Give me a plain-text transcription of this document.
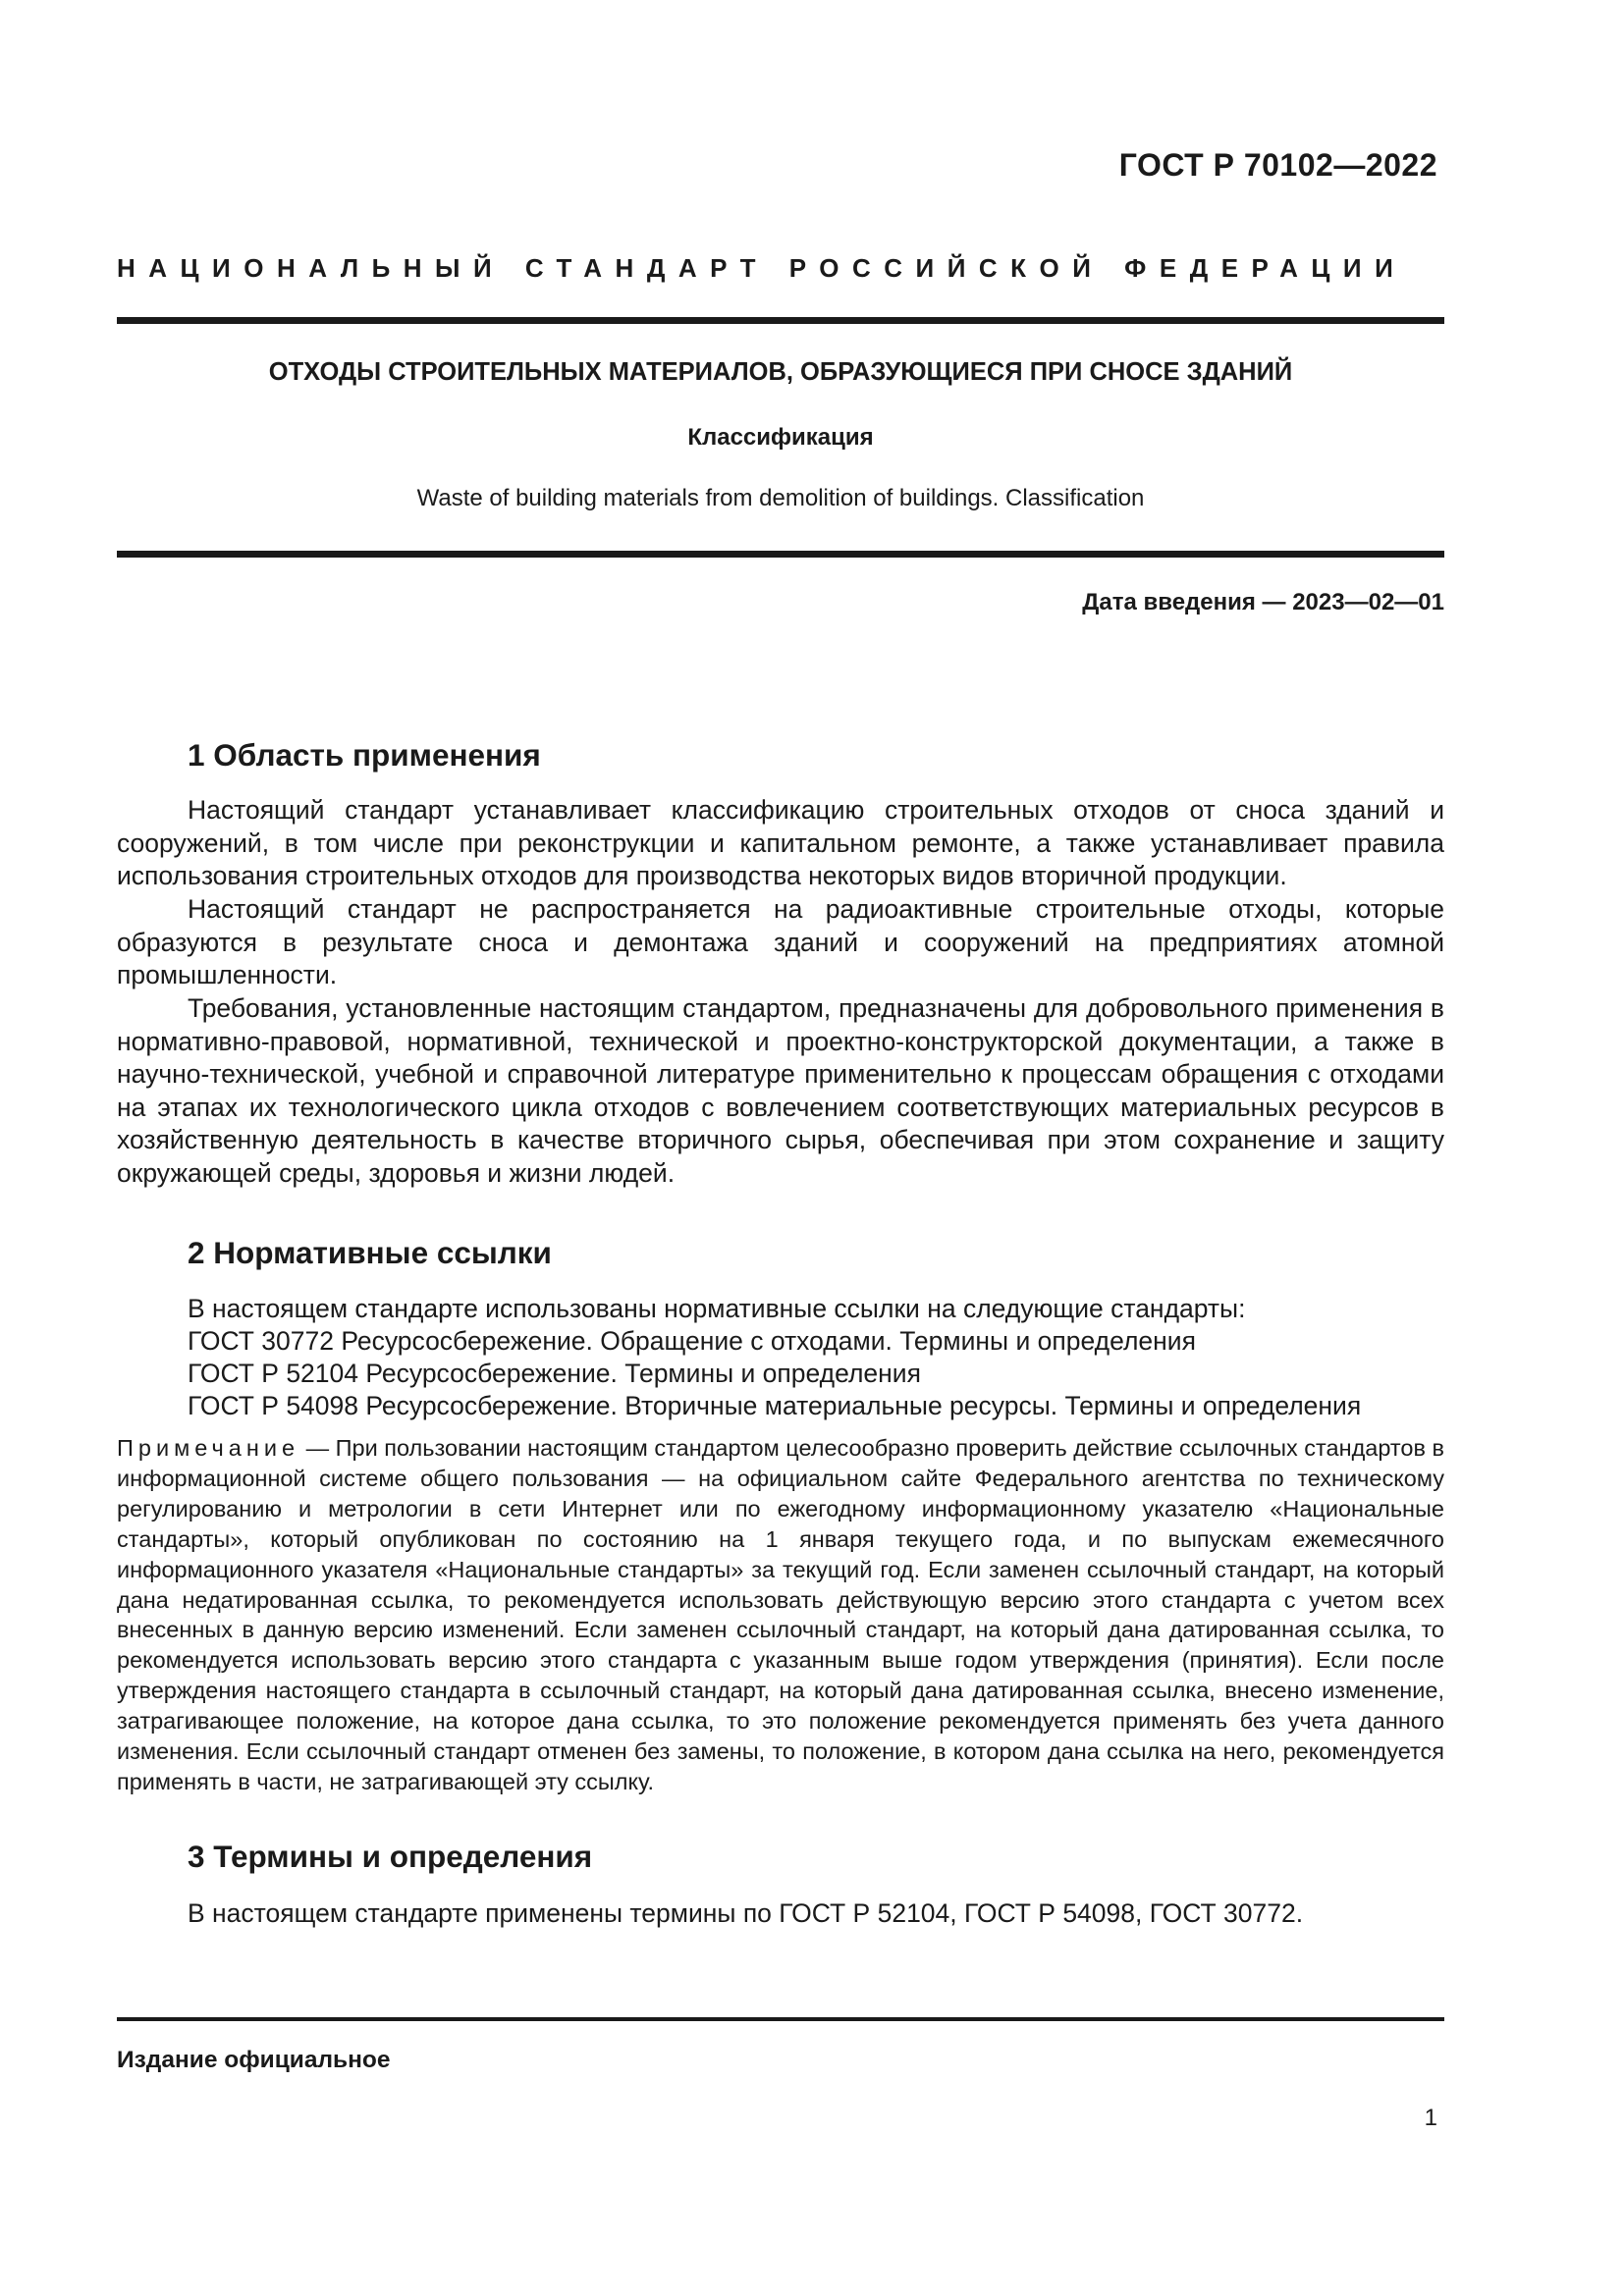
ГОСТ Р 70102—2022
НАЦИОНАЛЬНЫЙ СТАНДАРТ РОССИЙСКОЙ ФЕДЕРАЦИИ
ОТХОДЫ СТРОИТЕЛЬНЫХ МАТЕРИАЛОВ, ОБРАЗУЮЩИЕСЯ ПРИ СНОСЕ ЗДАНИЙ
Классификация
Waste of building materials from demolition of buildings. Classification
Дата введения — 2023—02—01
1 Область применения

Настоящий стандарт устанавливает классификацию строительных отходов от сноса зданий и сооружений, в том числе при реконструкции и капитальном ремонте, а также устанавливает правила использования строительных отходов для производства некоторых видов вторичной продукции.

Настоящий стандарт не распространяется на радиоактивные строительные отходы, которые образуются в результате сноса и демонтажа зданий и сооружений на предприятиях атомной промышленности.

Требования, установленные настоящим стандартом, предназначены для добровольного применения в нормативно-правовой, нормативной, технической и проектно-конструкторской документации, а также в научно-технической, учебной и справочной литературе применительно к процессам обращения с отходами на этапах их технологического цикла отходов с вовлечением соответствующих материальных ресурсов в хозяйственную деятельность в качестве вторичного сырья, обеспечивая при этом сохранение и защиту окружающей среды, здоровья и жизни людей.

2 Нормативные ссылки
В настоящем стандарте использованы нормативные ссылки на следующие стандарты:
ГОСТ 30772 Ресурсосбережение. Обращение с отходами. Термины и определения
ГОСТ Р 52104 Ресурсосбережение. Термины и определения
ГОСТ Р 54098 Ресурсосбережение. Вторичные материальные ресурсы. Термины и определения

Примечание — При пользовании настоящим стандартом целесообразно проверить действие ссылочных стандартов в информационной системе общего пользования — на официальном сайте Федерального агентства по техническому регулированию и метрологии в сети Интернет или по ежегодному информационному указателю «Национальные стандарты», который опубликован по состоянию на 1 января текущего года, и по выпускам ежемесячного информационного указателя «Национальные стандарты» за текущий год. Если заменен ссылочный стандарт, на который дана недатированная ссылка, то рекомендуется использовать действующую версию этого стандарта с учетом всех внесенных в данную версию изменений. Если заменен ссылочный стандарт, на который дана датированная ссылка, то рекомендуется использовать версию этого стандарта с указанным выше годом утверждения (принятия). Если после утверждения настоящего стандарта в ссылочный стандарт, на который дана датированная ссылка, внесено изменение, затрагивающее положение, на которое дана ссылка, то это положение рекомендуется применять без учета данного изменения. Если ссылочный стандарт отменен без замены, то положение, в котором дана ссылка на него, рекомендуется применять в части, не затрагивающей эту ссылку.

3 Термины и определения
В настоящем стандарте применены термины по ГОСТ Р 52104, ГОСТ Р 54098, ГОСТ 30772.
Издание официальное
1
